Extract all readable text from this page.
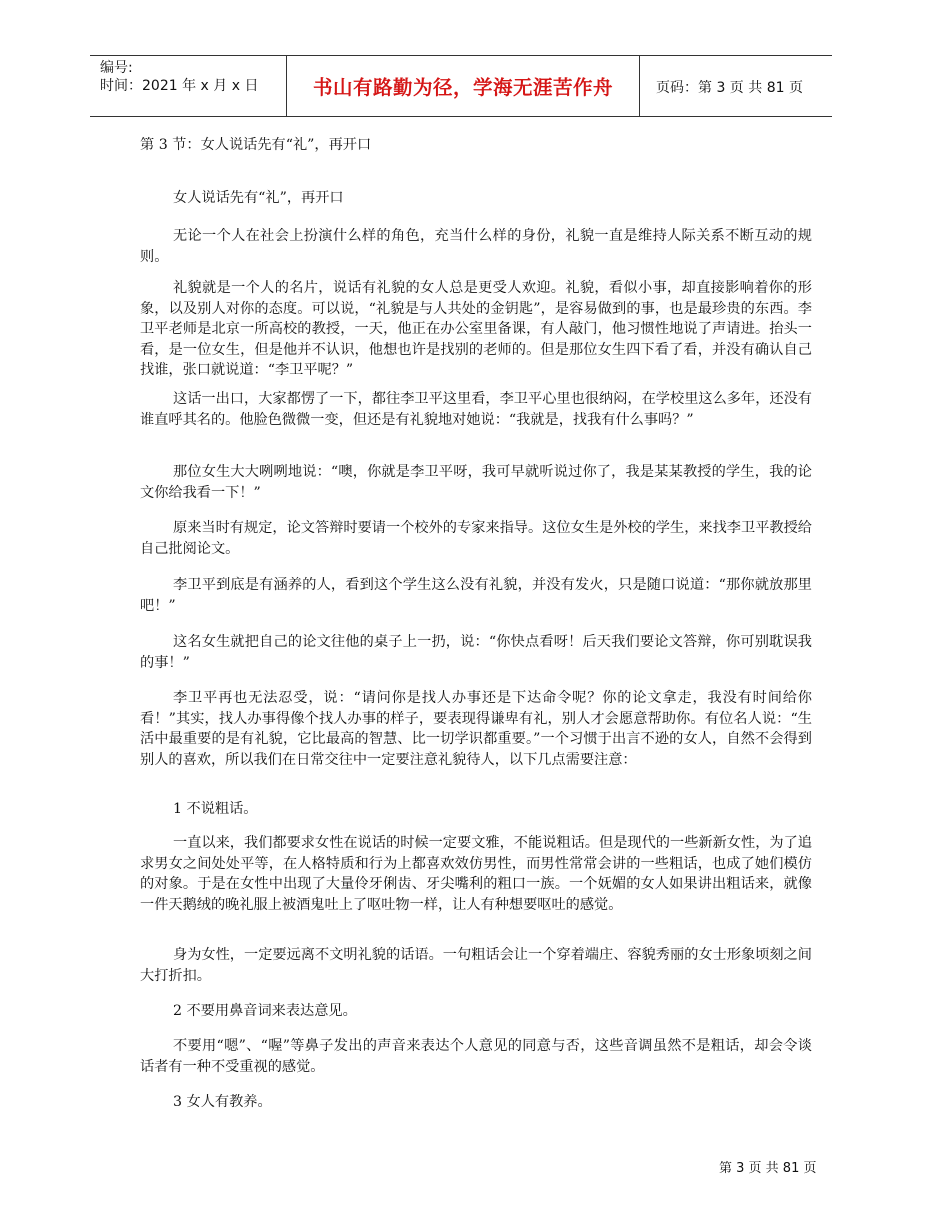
编号:
时间：2021 年 x 月 x 日	书山有路勤为径，学海无涯苦作舟	页码：第 3 页 共 81 页
第 3 节：女人说话先有“礼”，再开口
女人说话先有“礼”，再开口
无论一个人在社会上扮演什么样的角色，充当什么样的身份，礼貌一直是维持人际关系不断互动的规则。
礼貌就是一个人的名片，说话有礼貌的女人总是更受人欢迎。礼貌，看似小事，却直接影响着你的形象，以及别人对你的态度。可以说，“礼貌是与人共处的金钥匙”，是容易做到的事，也是最珍贵的东西。李卫平老师是北京一所高校的教授，一天，他正在办公室里备课，有人敲门，他习惯性地说了声请进。抬头一看，是一位女生，但是他并不认识，他想也许是找别的老师的。但是那位女生四下看了看，并没有确认自己找谁，张口就说道：“李卫平呢？”
这话一出口，大家都愣了一下，都往李卫平这里看，李卫平心里也很纳闷，在学校里这么多年，还没有谁直呼其名的。他脸色微微一变，但还是有礼貌地对她说：“我就是，找我有什么事吗？”
那位女生大大咧咧地说：“噢，你就是李卫平呀，我可早就听说过你了，我是某某教授的学生，我的论文你给我看一下！”
原来当时有规定，论文答辩时要请一个校外的专家来指导。这位女生是外校的学生，来找李卫平教授给自己批阅论文。
李卫平到底是有涵养的人，看到这个学生这么没有礼貌，并没有发火，只是随口说道：“那你就放那里吧！”
这名女生就把自己的论文往他的桌子上一扔，说：“你快点看呀！后天我们要论文答辩，你可别耽误我的事！”
李卫平再也无法忍受，说：“请问你是找人办事还是下达命令呢？你的论文拿走，我没有时间给你看！”其实，找人办事得像个找人办事的样子，要表现得谦卑有礼，别人才会愿意帮助你。有位名人说：“生活中最重要的是有礼貌，它比最高的智慧、比一切学识都重要。”一个习惯于出言不逊的女人，自然不会得到别人的喜欢，所以我们在日常交往中一定要注意礼貌待人，以下几点需要注意：
1 不说粗话。
一直以来，我们都要求女性在说话的时候一定要文雅，不能说粗话。但是现代的一些新新女性，为了追求男女之间处处平等，在人格特质和行为上都喜欢效仿男性，而男性常常会讲的一些粗话，也成了她们模仿的对象。于是在女性中出现了大量伶牙俐齿、牙尖嘴利的粗口一族。一个妩媚的女人如果讲出粗话来，就像一件天鹅绒的晚礼服上被酒鬼吐上了呕吐物一样，让人有种想要呕吐的感觉。
身为女性，一定要远离不文明礼貌的话语。一句粗话会让一个穿着端庄、容貌秀丽的女士形象顷刻之间大打折扣。
2 不要用鼻音词来表达意见。
不要用“嗯”、“喔”等鼻子发出的声音来表达个人意见的同意与否，这些音调虽然不是粗话，却会令谈话者有一种不受重视的感觉。
3 女人有教养。
第 3 页 共 81 页
